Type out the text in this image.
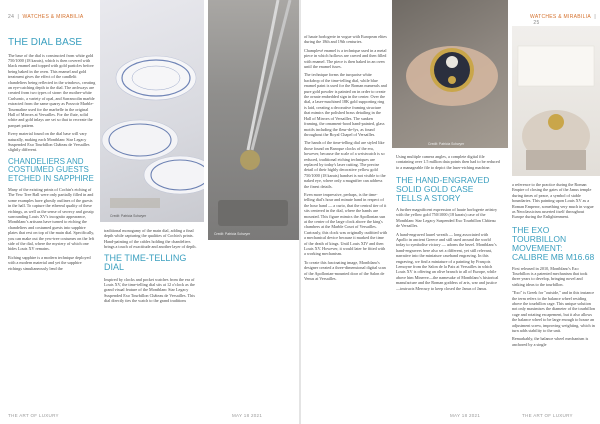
24  |  WATCHES & MIRABILIA
THE DIAL BASE

The base of the dial is constructed from white gold 750/1000 (18 karats), which is then covered with black enamel and topped with gold particles before being baked in the oven. This enamel and gold treatment gives the effect of the candlelit chandeliers being reflected in the windows, creating an eye-catching depth to the dial. The archways are created from two types of stone: the mother-white Carlsonic, a variety of opal, and Sarrancolin marble extracted from the same quarry as Pouvoir Marble-Tourmaline used for the marbelle in the original Hall of Mirrors at Versailles. For the flute, solid white and gold inlays are set so that to recreate the parquet pattern.

Every material found on the dial base will vary naturally, making each Montblanc Star Legacy Suspended Exo Tourbillon Château de Versailles slightly different.

CHANDELIERS AND COSTUMED GUESTS ETCHED IN SAPPHIRE

Many of the existing prints of Cochin's etching of The Yew Tree Ball were only partially filled in and some examples have ghostly outlines of the guests in the hall. To capture the ethereal quality of these etchings, as well as the sense of secrecy and gossip surrounding Louis XV's incognito appearance, Montblanc's artisans have turned to etching the chandeliers and costumed guests into sapphire plates that rest on top of the main dial. Specifically, you can make out the yew-tree costumes on the left side of the dial, where the mystery of which one hides Louis XV remains.

Etching sapphire is a modern technique deployed with a modern material and yet the sapphire etchings simultaneously lend the

Credit: Patricia Schwyer

traditional monogamy of the main dial, adding a final depth while capturing the qualities of Cochin's prints. Hand-painting of the cables holding the chandeliers brings a touch of exactitude and another layer of depth.

THE TIME-TELLING DIAL

Inspired by clocks and pocket watches from the era of Louis XV, the time-telling dial sits at 12 o'clock as the grand visual feature of the Montblanc Star Legacy Suspended Exo Tourbillon Château de Versailles. This dial directly ties the watch to the grand traditions

Credit: Patricia Schwyer
THE ART OF LUXURY	MAY 18 2021
WATCHES & MIRABILIA  |  25

of haute horlogerie in vogue with European elites during the 18th and 19th centuries.

Champlevé enamel is a technique used in a metal piece in which hollows are carved and then filled with enamel. The piece is then baked in an oven until the enamel fuses.

The technique forms the turquoise white backdrop of the time-telling dial, while blue enamel paint is used for the Roman numerals and pure gold powder is painted on in order to create the ornate embedded sign in the center. Over the dial, a laser-machined 18K gold supporting ring is laid, creating a decorative framing structure that mimics the polished brass detailing in the Hall of Mirrors of Versailles. The sunken framing, the ornament-hood hand-painted, glass motifs including the fleur-de-lys, as found throughout the Royal Chapel of Versailles.

The hands of the time-telling dial are styled like those found on Baroque clocks of the era, however, because the scale of a wristwatch is so reduced, traditional etching techniques are replaced by today's laser cutting. The precise detail of their highly decorative yellow gold 750/1000 (18 karats) handset is not visible to the naked eye, where only a magnifier can address the finest details.

Even more impressive, perhaps, is the time-telling dial's hour and minute hand in respect of the hour hand — a curio, that the central tier of it sits centered in the dial, where the hands are mounted. This figure mimics the Apollonian sun at the center of the large clock above the king's chambers at the Marble Court of Versailles. Curiously, this clock was originally outfitted with a mechanical device because it marked the time of the death of kings. Until Louis XIV and then Louis XV. However, it would later be fitted with a working mechanism.

To create this fascinating image, Montblanc's designer created a three-dimensional digital scan of the Apollonian-mounted door of the Salon de Venus at Versailles.

Credit: Patricia Schwyer

Using multiple camera angles, a complete digital file containing over 1.5 million data points then had to be reduced to a manageable file to depict the laser-etching machine.

THE HAND-ENGRAVED SOLID GOLD CASE TELLS A STORY

A further magnificent expression of haute horlogerie artistry with the yellow gold 750/1000 (18 karats) case of the Montblanc Star Legacy Suspended Exo Tourbillon Château de Versailles.

A hand-engraved laurel wreath — long associated with Apollo in ancient Greece and still used around the world today to symbolise victory — adorns the bezel. Montblanc's hand-engravers here also set a different, yet still relevant, narrative into the miniature caseband engraving. In this engraving, we find a miniature of a painting by François Lemoyne from the Salon de la Paix at Versailles in which Louis XV is offering an olive branch to all of Europe, while above him Minerve—the namesake of Montblanc's historical manufacture and the Roman goddess of arts, war and justice—instructs Mercury to keep closed the Janus of Janus.

a reference to the practice during the Roman Empire of closing the gates of the Janus temple during times of peace, a symbol of stable boundaries. This painting upon Louis XV as a Roman Emperor, something very much in vogue as Neoclassicism asserted itself throughout Europe during the Enlightenment.

THE EXO TOURBILLON MOVEMENT: CALIBRE MB M16.68

First released in 2010, Montblanc's Exo Tourbillon is a patented mechanism that took three years to develop, bringing novel and striking ideas to the tourbillon.

"Exo" is Greek for "outside," and in this instance the term refers to the balance wheel residing above the tourbillon cage. This unique solution not only maximises the diameter of the tourbillon cage and rotating escapement, but it also allows the balance wheel to be large enough to house an adjustment screw, improving weighting, which in turn adds stability to the unit.

Remarkably, the balance wheel mechanism is anchored by a single

MAY 18 2021	THE ART OF LUXURY
